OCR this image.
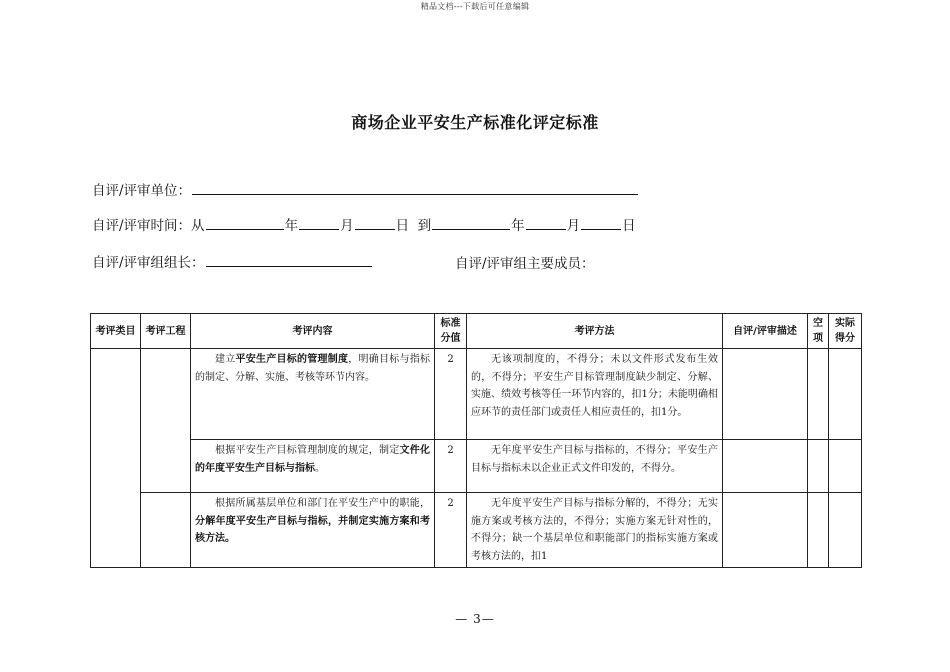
精品文档---下载后可任意编辑
商场企业平安生产标准化评定标准
自评/评审单位：
自评/评审时间：从	年	月	日 到	年	月	日
自评/评审组组长：	自评/评审组主要成员：
考评类目	考评工程	考评内容	标准分值	考评方法	自评/评审描述	空项	实际得分
		建立平安生产目标的管理制度，明确目标与指标的制定、分解、实施、考核等环节内容。	2	无该项制度的，不得分；未以文件形式发布生效的，不得分；平安生产目标管理制度缺少制定、分解、实施、绩效考核等任一环节内容的，扣1分；未能明确相应环节的责任部门或责任人相应责任的，扣1分。			
		根据平安生产目标管理制度的规定，制定文件化的年度平安生产目标与指标。	2	无年度平安生产目标与指标的，不得分；平安生产目标与指标未以企业正式文件印发的，不得分。			
		根据所属基层单位和部门在平安生产中的职能，分解年度平安生产目标与指标，并制定实施方案和考核方法。	2	无年度平安生产目标与指标分解的，不得分；无实施方案或考核方法的，不得分；实施方案无针对性的，不得分；缺一个基层单位和职能部门的指标实施方案或考核方法的，扣1			
— 3—
